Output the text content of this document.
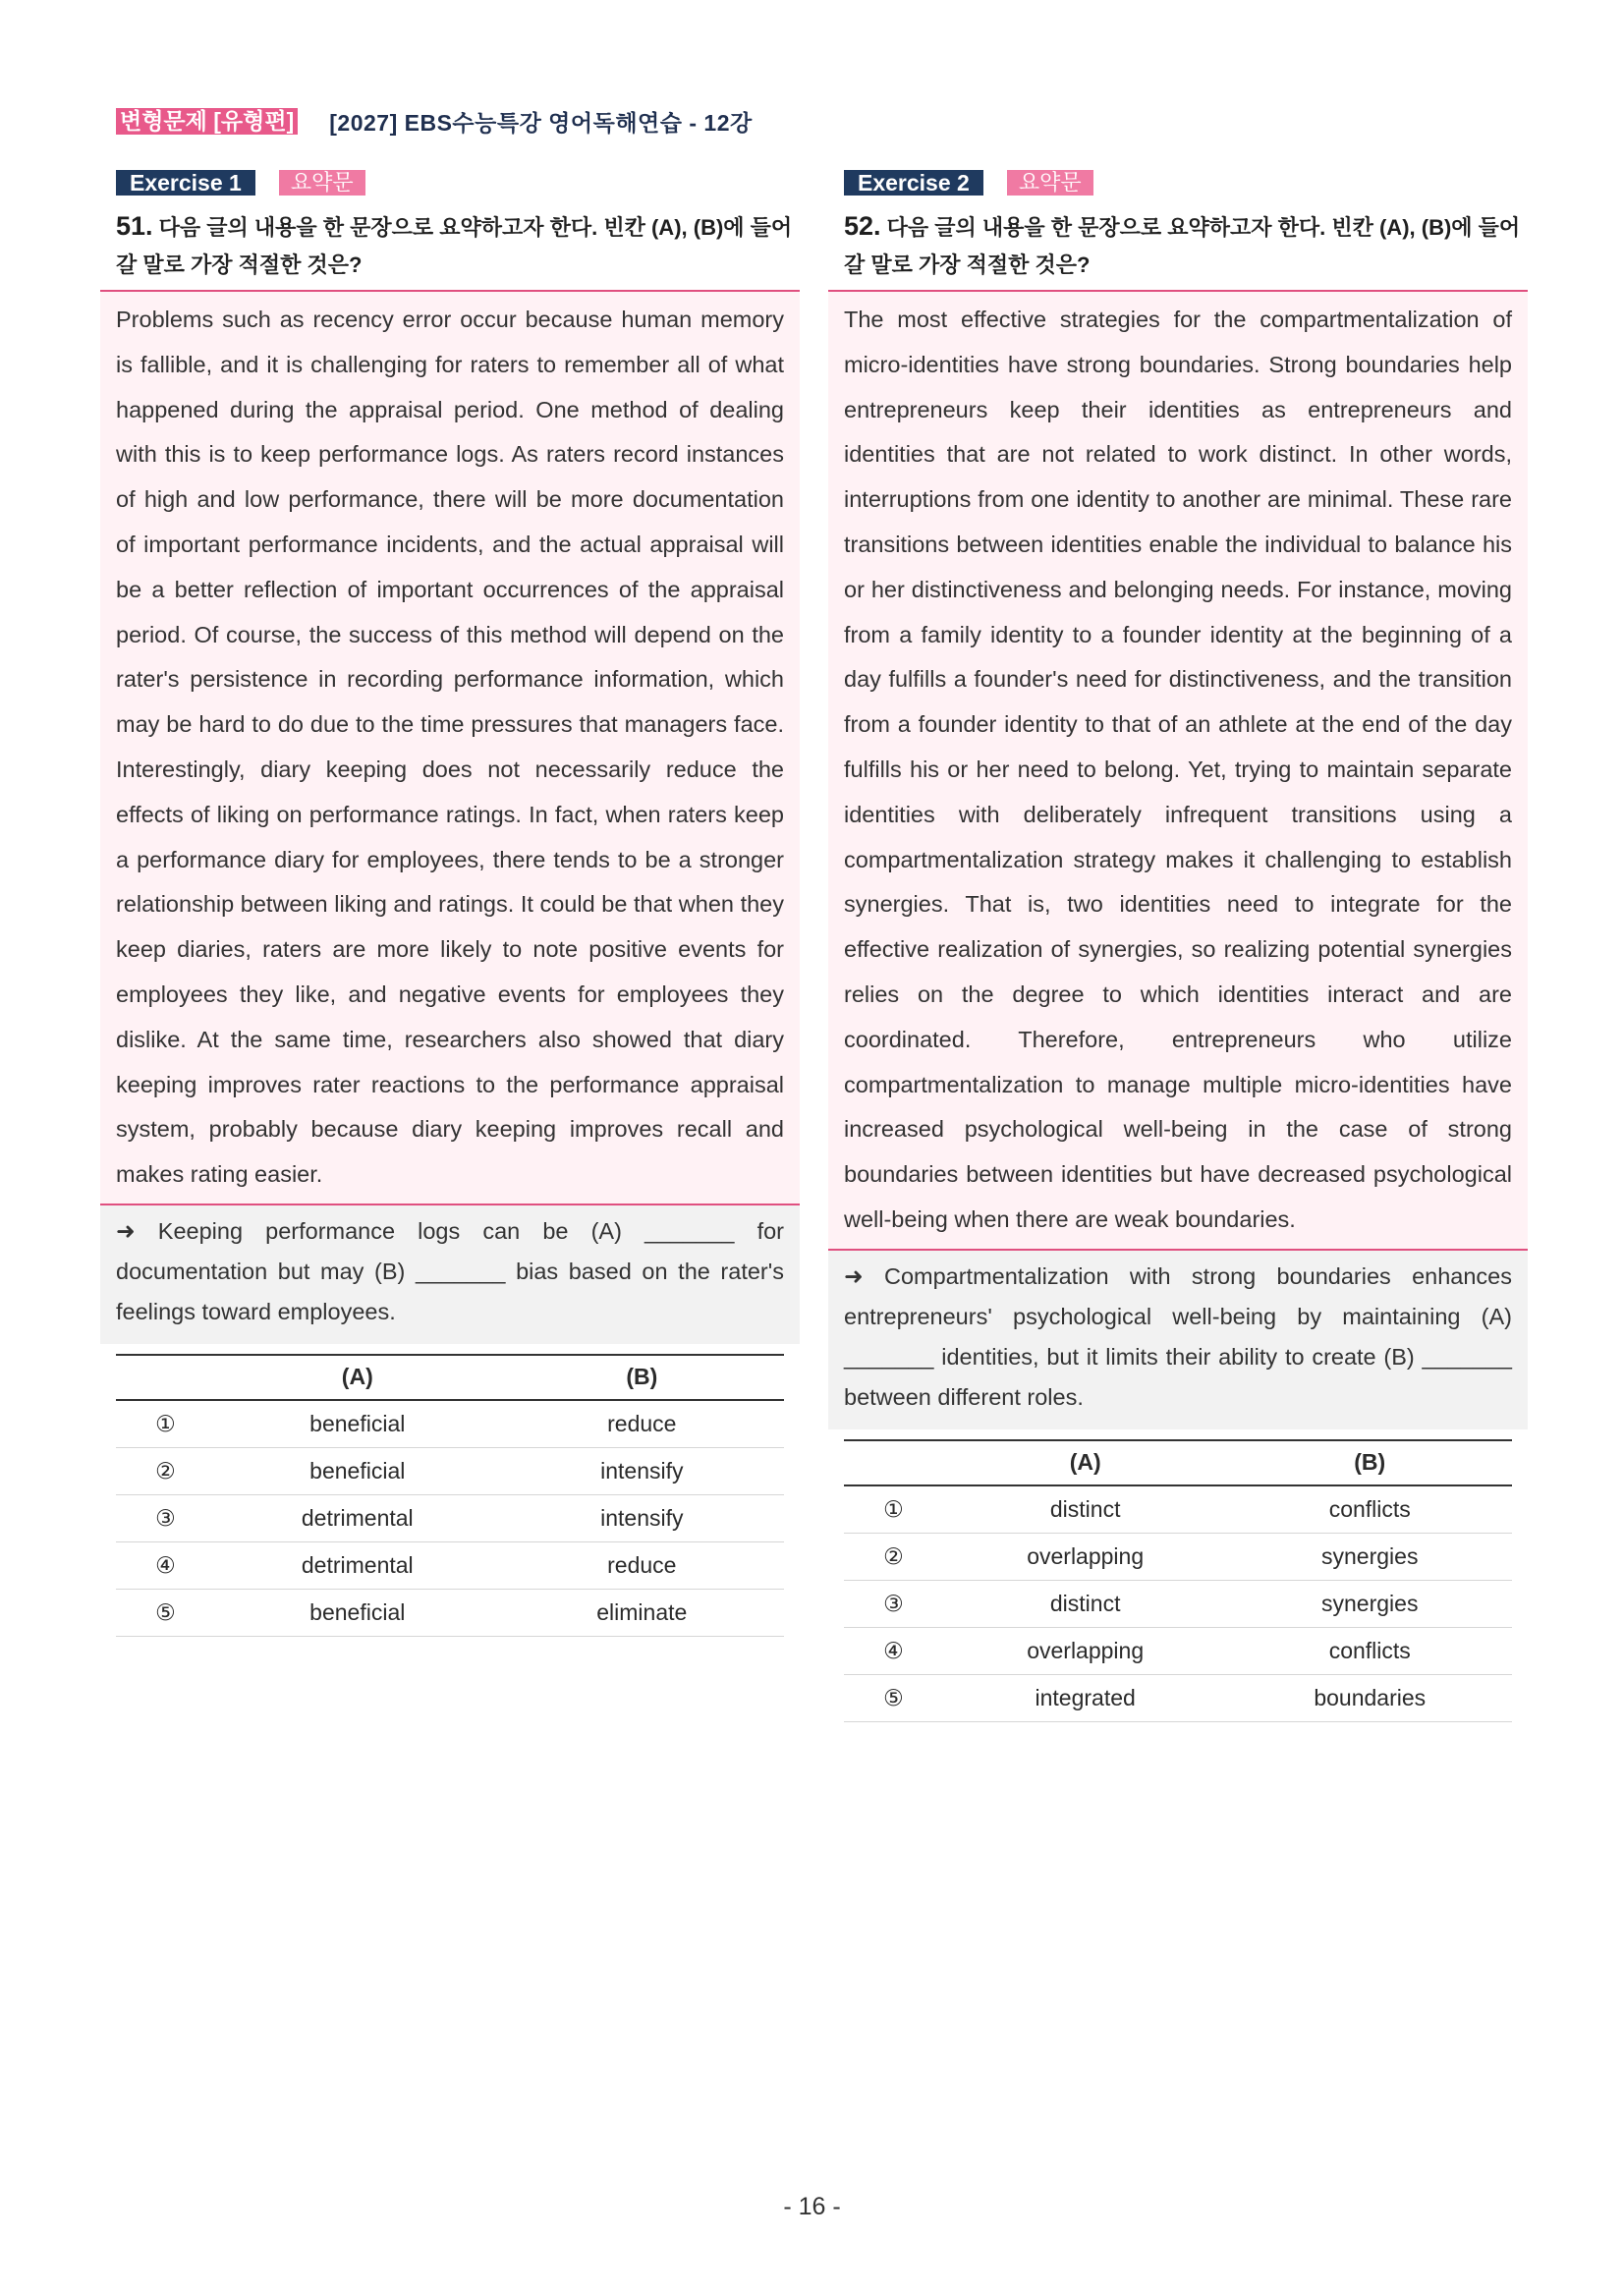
변형문제 [유형편] [2027] EBS수능특강 영어독해연습 - 12강
Exercise 1	요약문
51. 다음 글의 내용을 한 문장으로 요약하고자 한다. 빈칸 (A), (B)에 들어갈 말로 가장 적절한 것은?
Problems such as recency error occur because human memory is fallible, and it is challenging for raters to remember all of what happened during the appraisal period. One method of dealing with this is to keep performance logs. As raters record instances of high and low performance, there will be more documentation of important performance incidents, and the actual appraisal will be a better reflection of important occurrences of the appraisal period. Of course, the success of this method will depend on the rater's persistence in recording performance information, which may be hard to do due to the time pressures that managers face. Interestingly, diary keeping does not necessarily reduce the effects of liking on performance ratings. In fact, when raters keep a performance diary for employees, there tends to be a stronger relationship between liking and ratings. It could be that when they keep diaries, raters are more likely to note positive events for employees they like, and negative events for employees they dislike. At the same time, researchers also showed that diary keeping improves rater reactions to the performance appraisal system, probably because diary keeping improves recall and makes rating easier.
➜ Keeping performance logs can be (A) _______ for documentation but may (B) _______ bias based on the rater's feelings toward employees.
	(A)	(B)
①	beneficial	reduce
②	beneficial	intensify
③	detrimental	intensify
④	detrimental	reduce
⑤	beneficial	eliminate
Exercise 2	요약문
52. 다음 글의 내용을 한 문장으로 요약하고자 한다. 빈칸 (A), (B)에 들어갈 말로 가장 적절한 것은?
The most effective strategies for the compartmentalization of micro-identities have strong boundaries. Strong boundaries help entrepreneurs keep their identities as entrepreneurs and identities that are not related to work distinct. In other words, interruptions from one identity to another are minimal. These rare transitions between identities enable the individual to balance his or her distinctiveness and belonging needs. For instance, moving from a family identity to a founder identity at the beginning of a day fulfills a founder's need for distinctiveness, and the transition from a founder identity to that of an athlete at the end of the day fulfills his or her need to belong. Yet, trying to maintain separate identities with deliberately infrequent transitions using a compartmentalization strategy makes it challenging to establish synergies. That is, two identities need to integrate for the effective realization of synergies, so realizing potential synergies relies on the degree to which identities interact and are coordinated. Therefore, entrepreneurs who utilize compartmentalization to manage multiple micro-identities have increased psychological well-being in the case of strong boundaries between identities but have decreased psychological well-being when there are weak boundaries.
➜ Compartmentalization with strong boundaries enhances entrepreneurs' psychological well-being by maintaining (A) _______ identities, but it limits their ability to create (B) _______ between different roles.
	(A)	(B)
①	distinct	conflicts
②	overlapping	synergies
③	distinct	synergies
④	overlapping	conflicts
⑤	integrated	boundaries
- 16 -
